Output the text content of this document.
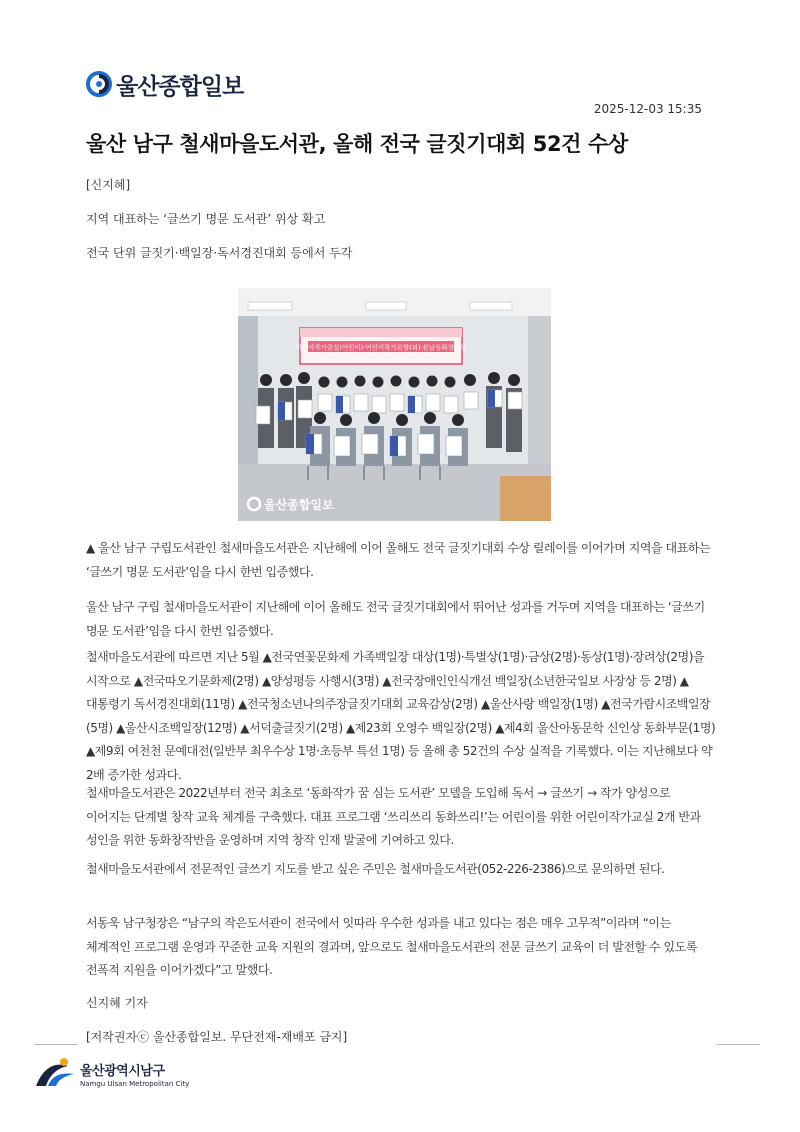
울산종합일보
2025-12-03 15:35
울산 남구 철새마을도서관, 올해 전국 글짓기대회 52건 수상
[신지혜]
지역 대표하는 ‘글쓰기 명문 도서관’ 위상 확고
전국 단위 글짓기·백일장·독서경진대회 등에서 두각
어린이작가꿈실(어린이)·어린이작가로향(피)·봄날동화창작반
울산종합일보

▲ 울산 남구 구립도서관인 철새마을도서관은 지난해에 이어 올해도 전국 글짓기대회 수상 릴레이를 이어가며 지역을 대표하는 ‘글쓰기 명문 도서관’임을 다시 한번 입증했다.

울산 남구 구립 철새마을도서관이 지난해에 이어 올해도 전국 글짓기대회에서 뛰어난 성과를 거두며 지역을 대표하는 ‘글쓰기 명문 도서관’임을 다시 한번 입증했다.

철새마을도서관에 따르면 지난 5월 ▲전국연꽃문화제 가족백일장 대상(1명)·특별상(1명)·금상(2명)·동상(1명)·장려상(2명)을 시작으로 ▲전국따오기문화제(2명) ▲양성평등 사행시(3명) ▲전국장애인인식개선 백일장(소년한국일보 사장상 등 2명) ▲대통령기 독서경진대회(11명) ▲전국청소년나의주장글짓기대회 교육감상(2명) ▲울산사랑 백일장(1명) ▲전국가람시조백일장(5명) ▲울산시조백일장(12명) ▲서덕출글짓기(2명) ▲제23회 오영수 백일장(2명) ▲제4회 울산아동문학 신인상 동화부문(1명) ▲제9회 여천천 문예대전(일반부 최우수상 1명·초등부 특선 1명) 등 올해 총 52건의 수상 실적을 기록했다. 이는 지난해보다 약 2배 증가한 성과다.

철새마을도서관은 2022년부터 전국 최초로 ‘동화작가 꿈 심는 도서관’ 모델을 도입해 독서 → 글쓰기 → 작가 양성으로 이어지는 단계별 창작 교육 체계를 구축했다. 대표 프로그램 ‘쓰리쓰리 동화쓰리!’는 어린이를 위한 어린이작가교실 2개 반과 성인을 위한 동화창작반을 운영하며 지역 창작 인재 발굴에 기여하고 있다.

철새마을도서관에서 전문적인 글쓰기 지도를 받고 싶은 주민은 철새마을도서관(052-226-2386)으로 문의하면 된다.

서동욱 남구청장은 “남구의 작은도서관이 전국에서 잇따라 우수한 성과를 내고 있다는 점은 매우 고무적”이라며 “이는 체계적인 프로그램 운영과 꾸준한 교육 지원의 결과며, 앞으로도 철새마을도서관의 전문 글쓰기 교육이 더 발전할 수 있도록 전폭적 지원을 이어가겠다”고 말했다.

신지혜 기자
[저작권자ⓒ 울산종합일보. 무단전재-재배포 금지]
울산광역시남구
Namgu Ulsan Metropolitan City
